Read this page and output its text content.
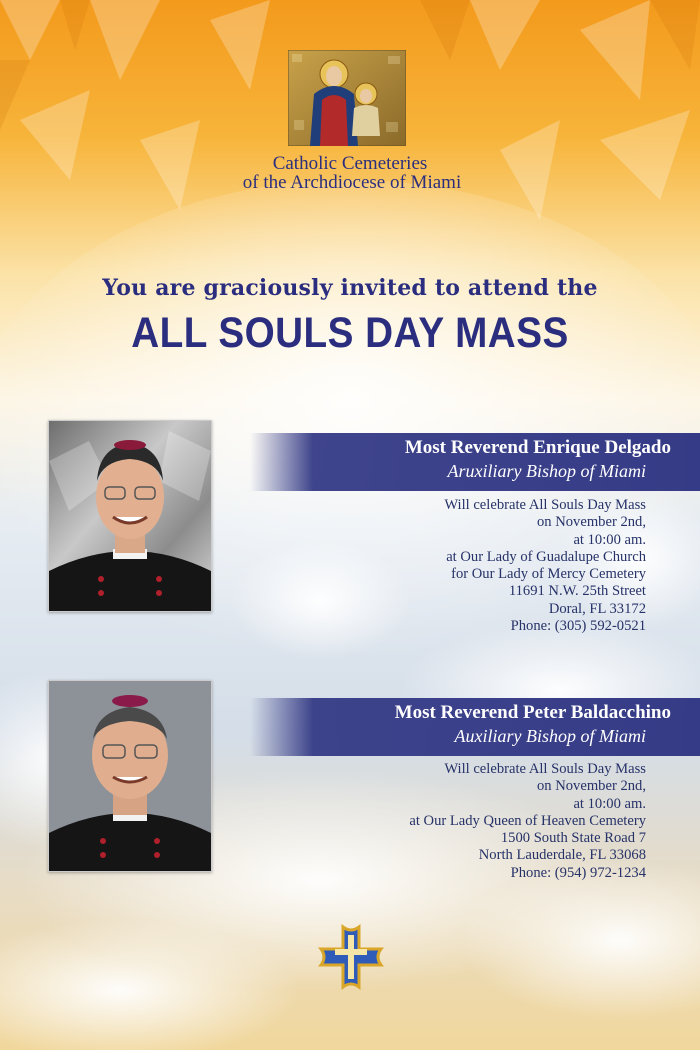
Catholic Cemeteries
of the Archdiocese of Miami
You are graciously invited to attend the
ALL SOULS DAY MASS
Most Reverend Enrique Delgado
Aruxiliary Bishop of Miami
Will celebrate All Souls Day Mass
on November 2nd,
at 10:00 am.
at Our Lady of Guadalupe Church
for Our Lady of Mercy Cemetery
11691 N.W. 25th Street
Doral, FL 33172
Phone: (305) 592-0521
Most Reverend Peter Baldacchino
Auxiliary Bishop of Miami
Will celebrate All Souls Day Mass
on November 2nd,
at 10:00 am.
at Our Lady Queen of Heaven Cemetery
1500 South State Road 7
North Lauderdale, FL 33068
Phone: (954) 972-1234
